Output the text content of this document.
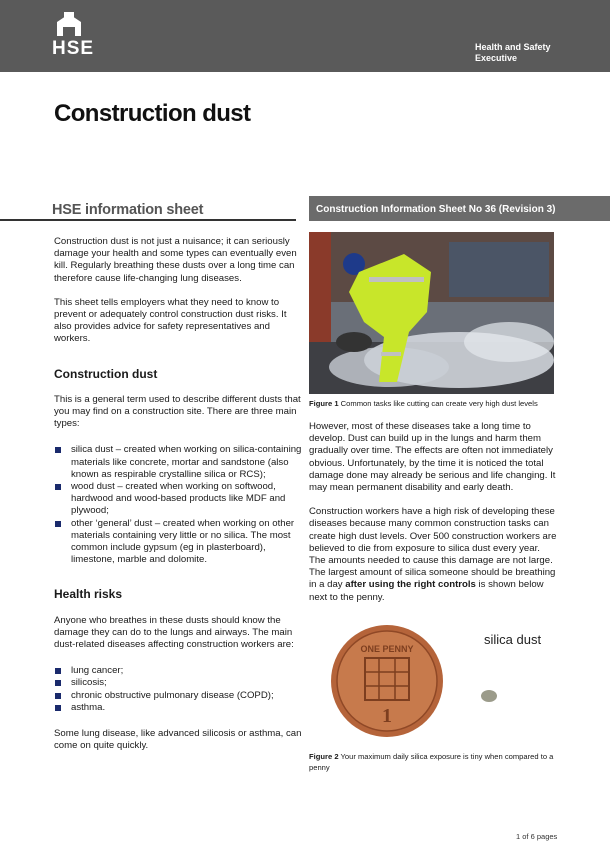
HSE	Health and Safety
Executive
Construction dust
HSE information sheet	Construction Information Sheet No 36 (Revision 3)

Construction dust is not just a nuisance; it can seriously damage your health and some types can eventually even kill. Regularly breathing these dusts over a long time can therefore cause life-changing lung diseases.

This sheet tells employers what they need to know to prevent or adequately control construction dust risks. It also provides advice for safety representatives and workers.

Construction dust

This is a general term used to describe different dusts that you may find on a construction site. There are three main types:

silica dust – created when working on silica-containing materials like concrete, mortar and sandstone (also known as respirable crystalline silica or RCS);
wood dust – created when working on softwood, hardwood and wood-based products like MDF and plywood;
other ‘general’ dust – created when working on other materials containing very little or no silica. The most common include gypsum (eg in plasterboard), limestone, marble and dolomite.
Health risks

Anyone who breathes in these dusts should know the damage they can do to the lungs and airways. The main dust-related diseases affecting construction workers are:

lung cancer;
silicosis;
chronic obstructive pulmonary disease (COPD);
asthma.

Some lung disease, like advanced silicosis or asthma, can come on quite quickly.

Figure 1 Common tasks like cutting can create very high dust levels

However, most of these diseases take a long time to develop. Dust can build up in the lungs and harm them gradually over time. The effects are often not immediately obvious. Unfortunately, by the time it is noticed the total damage done may already be serious and life changing. It may mean permanent disability and early death.

Construction workers have a high risk of developing these diseases because many common construction tasks can create high dust levels. Over 500 construction workers are believed to die from exposure to silica dust every year. The amounts needed to cause this damage are not large. The largest amount of silica someone should be breathing in a day after using the right controls is shown below next to the penny.

ONE PENNY
1
silica dust
Figure 2 Your maximum daily silica exposure is tiny when compared to a penny
1 of 6 pages
